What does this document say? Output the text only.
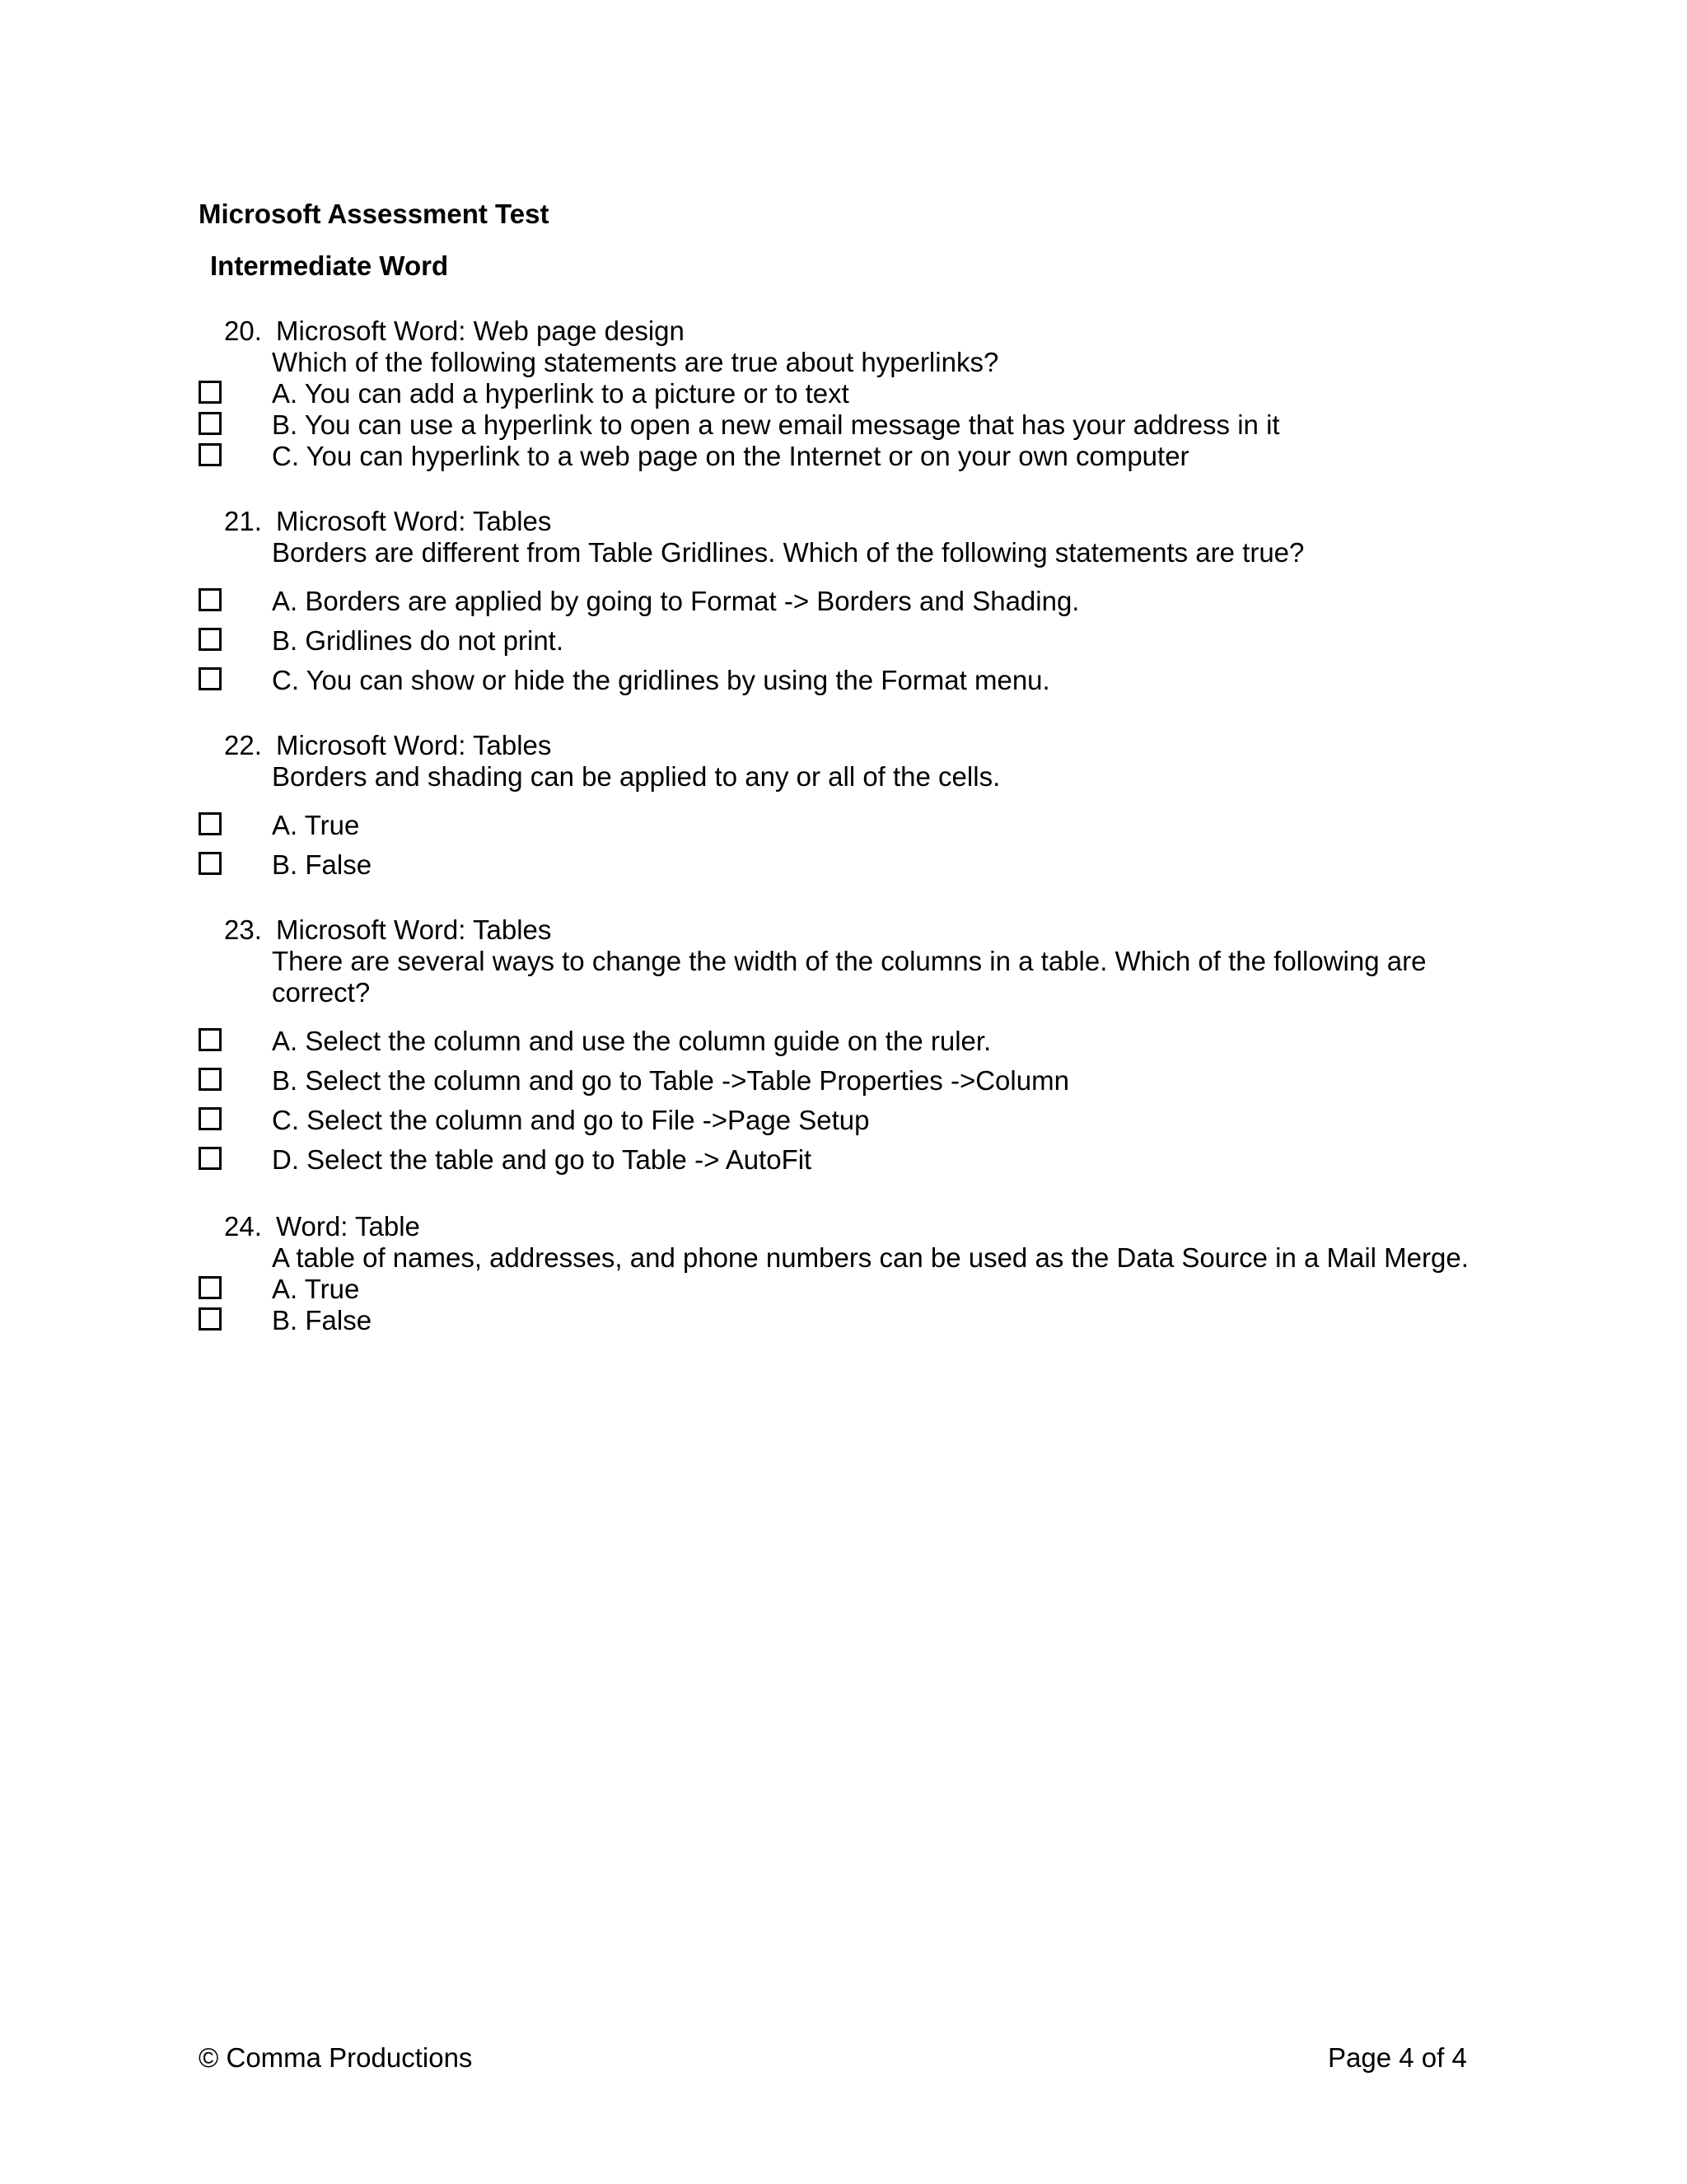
Microsoft Assessment Test
Intermediate Word
20. Microsoft Word: Web page design
Which of the following statements are true about hyperlinks?
A. You can add a hyperlink to a picture or to text
B. You can use a hyperlink to open a new email message that has your address in it
C. You can hyperlink to a web page on the Internet or on your own computer
21. Microsoft Word: Tables
Borders are different from Table Gridlines. Which of the following statements are true?
A. Borders are applied by going to Format -> Borders and Shading.
B. Gridlines do not print.
C. You can show or hide the gridlines by using the Format menu.
22. Microsoft Word: Tables
Borders and shading can be applied to any or all of the cells.
A. True
B. False
23. Microsoft Word: Tables
There are several ways to change the width of the columns in a table. Which of the following are correct?
A. Select the column and use the column guide on the ruler.
B. Select the column and go to Table ->Table Properties ->Column
C. Select the column and go to File ->Page Setup
D. Select the table and go to Table -> AutoFit
24. Word: Table
A table of names, addresses, and phone numbers can be used as the Data Source in a Mail Merge.
A. True
B. False
© Comma Productions	Page 4 of 4
